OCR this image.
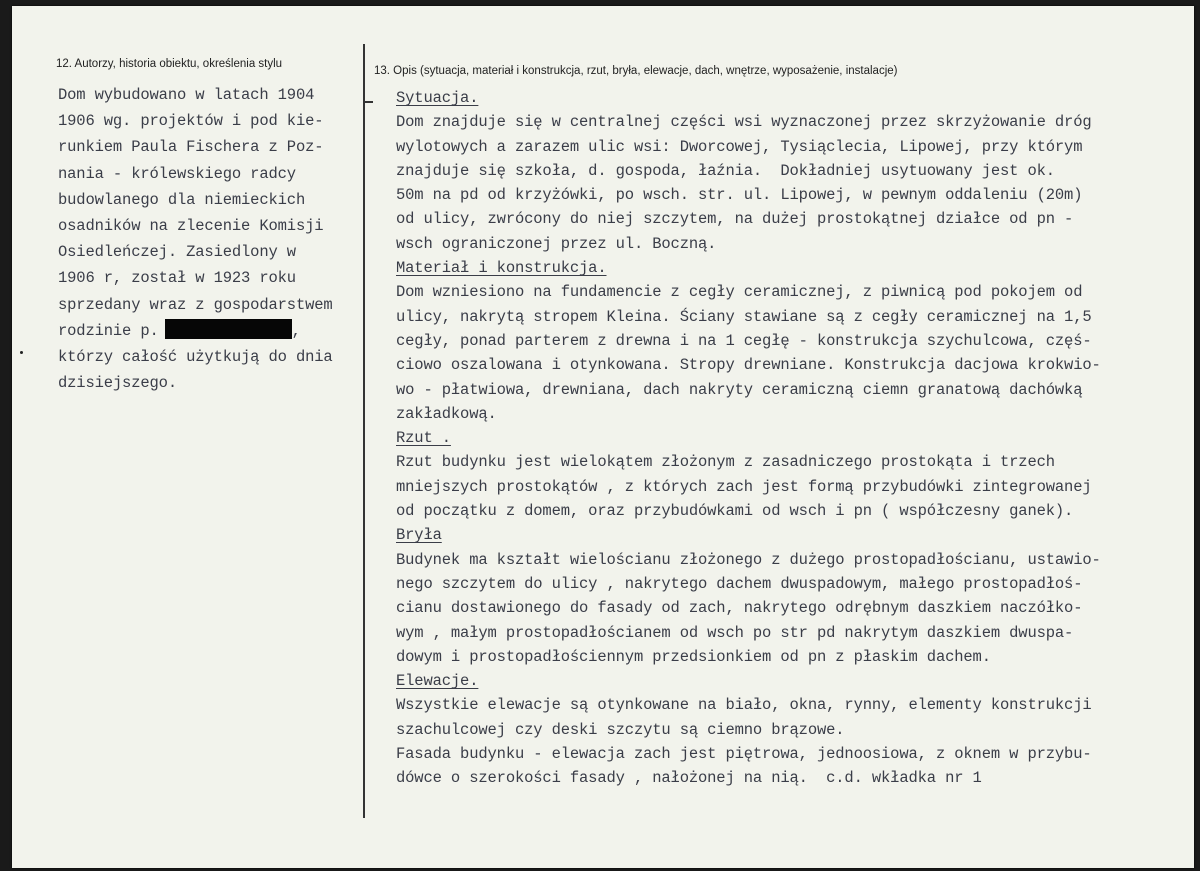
12. Autorzy, historia obiektu, określenia stylu
13. Opis (sytuacja, materiał i konstrukcja, rzut, bryła, elewacje, dach, wnętrze, wyposażenie, instalacje)
Dom wybudowano w latach 1904
1906 wg. projektów i pod kie-
runkiem Paula Fischera z Poz-
nania - królewskiego radcy
budowlanego dla niemieckich
osadników na zlecenie Komisji
Osiedleńczej. Zasiedlony w
1906 r, został w 1923 roku
sprzedany wraz z gospodarstwem
rodzinie p.	,
którzy całość użytkują do dnia
dzisiejszego.
Sytuacja.
Dom znajduje się w centralnej części wsi wyznaczonej przez skrzyżowanie dróg
wylotowych a zarazem ulic wsi: Dworcowej, Tysiąclecia, Lipowej, przy którym
znajduje się szkoła, d. gospoda, łaźnia.  Dokładniej usytuowany jest ok.
50m na pd od krzyżówki, po wsch. str. ul. Lipowej, w pewnym oddaleniu (20m)
od ulicy, zwrócony do niej szczytem, na dużej prostokątnej działce od pn -
wsch ograniczonej przez ul. Boczną.
Materiał i konstrukcja.
Dom wzniesiono na fundamencie z cegły ceramicznej, z piwnicą pod pokojem od
ulicy, nakrytą stropem Kleina. Ściany stawiane są z cegły ceramicznej na 1,5
cegły, ponad parterem z drewna i na 1 cegłę - konstrukcja szychulcowa, częś-
ciowo oszalowana i otynkowana. Stropy drewniane. Konstrukcja dacjowa krokwio-
wo - płatwiowa, drewniana, dach nakryty ceramiczną ciemn granatową dachówką
zakładkową.
Rzut .
Rzut budynku jest wielokątem złożonym z zasadniczego prostokąta i trzech
mniejszych prostokątów , z których zach jest formą przybudówki zintegrowanej
od początku z domem, oraz przybudówkami od wsch i pn ( współczesny ganek).
Bryła
Budynek ma kształt wielościanu złożonego z dużego prostopadłościanu, ustawio-
nego szczytem do ulicy , nakrytego dachem dwuspadowym, małego prostopadłoś-
cianu dostawionego do fasady od zach, nakrytego odrębnym daszkiem naczółko-
wym , małym prostopadłościanem od wsch po str pd nakrytym daszkiem dwuspa-
dowym i prostopadłościennym przedsionkiem od pn z płaskim dachem.
Elewacje.
Wszystkie elewacje są otynkowane na biało, okna, rynny, elementy konstrukcji
szachulcowej czy deski szczytu są ciemno brązowe.
Fasada budynku - elewacja zach jest piętrowa, jednoosiowa, z oknem w przybu-
dówce o szerokości fasady , nałożonej na nią.  c.d. wkładka nr 1
